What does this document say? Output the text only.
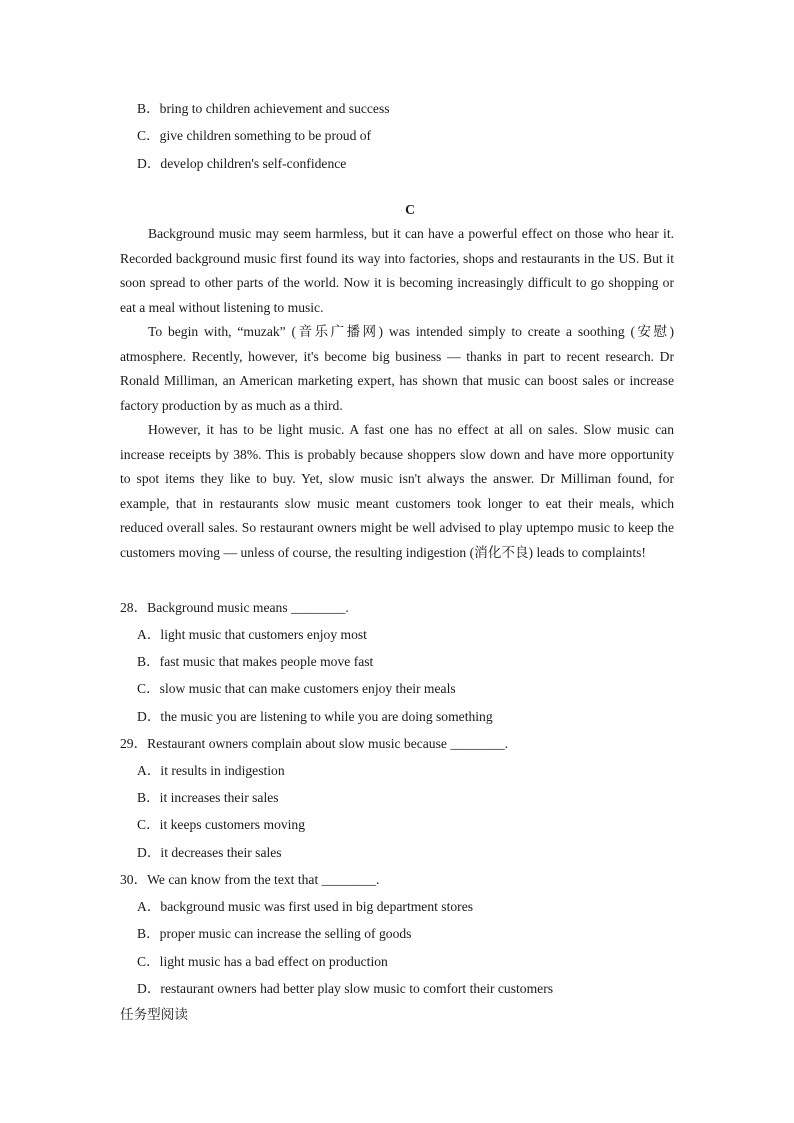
B．bring to children achievement and success
C．give children something to be proud of
D．develop children's self-confidence
C

Background music may seem harmless, but it can have a powerful effect on those who hear it. Recorded background music first found its way into factories, shops and restaurants in the US. But it soon spread to other parts of the world. Now it is becoming increasingly difficult to go shopping or eat a meal without listening to music.

To begin with, “muzak” (音乐广播网) was intended simply to create a soothing (安慰) atmosphere. Recently, however, it's become big business — thanks in part to recent research. Dr Ronald Milliman, an American marketing expert, has shown that music can boost sales or increase factory production by as much as a third.

However, it has to be light music. A fast one has no effect at all on sales. Slow music can increase receipts by 38%. This is probably because shoppers slow down and have more opportunity to spot items they like to buy. Yet, slow music isn't always the answer. Dr Milliman found, for example, that in restaurants slow music meant customers took longer to eat their meals, which reduced overall sales. So restaurant owners might be well advised to play uptempo music to keep the customers moving — unless of course, the resulting indigestion (消化不良) leads to complaints!

28．Background music means ________.
A．light music that customers enjoy most
B．fast music that makes people move fast
C．slow music that can make customers enjoy their meals
D．the music you are listening to while you are doing something
29．Restaurant owners complain about slow music because ________.
A．it results in indigestion
B．it increases their sales
C．it keeps customers moving
D．it decreases their sales
30．We can know from the text that ________.
A．background music was first used in big department stores
B．proper music can increase the selling of goods
C．light music has a bad effect on production
D．restaurant owners had better play slow music to comfort their customers
任务型阅读
